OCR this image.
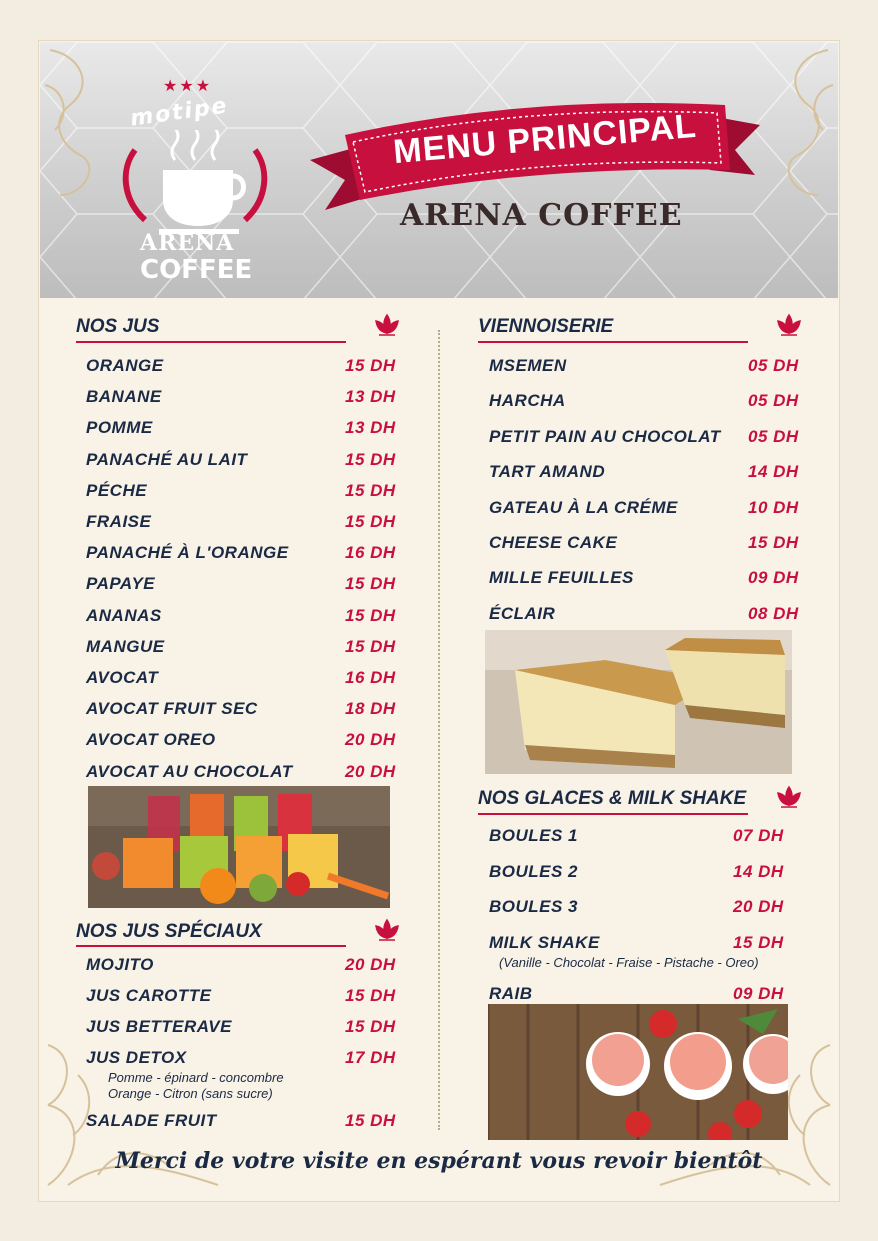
★★★
motipe
ARENA
COFFEE
MENU PRINCIPAL
ARENA COFFEE
NOS JUS
ORANGE	15 DH
BANANE	13 DH
POMME	13 DH
PANACHÉ AU LAIT	15 DH
PÉCHE	15 DH
FRAISE	15 DH
PANACHÉ À L'ORANGE	16 DH
PAPAYE	15 DH
ANANAS	15 DH
MANGUE	15 DH
AVOCAT	16 DH
AVOCAT FRUIT SEC	18 DH
AVOCAT OREO	20 DH
AVOCAT AU CHOCOLAT	20 DH
NOS JUS SPÉCIAUX
MOJITO	20 DH
JUS CAROTTE	15 DH
JUS BETTERAVE	15 DH
JUS DETOX	17 DH
Pomme - épinard - concombre
Orange - Citron (sans sucre)
SALADE FRUIT	15 DH
VIENNOISERIE
MSEMEN	05 DH
HARCHA	05 DH
PETIT PAIN AU CHOCOLAT 05 DH
TART AMAND	14 DH
GATEAU À LA CRÉME	10 DH
CHEESE CAKE	15 DH
MILLE FEUILLES	09 DH
ÉCLAIR	08 DH
NOS GLACES & MILK SHAKE
BOULES 1	07 DH
BOULES 2	14 DH
BOULES 3	20 DH
MILK SHAKE	15 DH
(Vanille - Chocolat - Fraise - Pistache - Oreo)
RAIB	09 DH
Merci de votre visite en espérant vous revoir bientôt
